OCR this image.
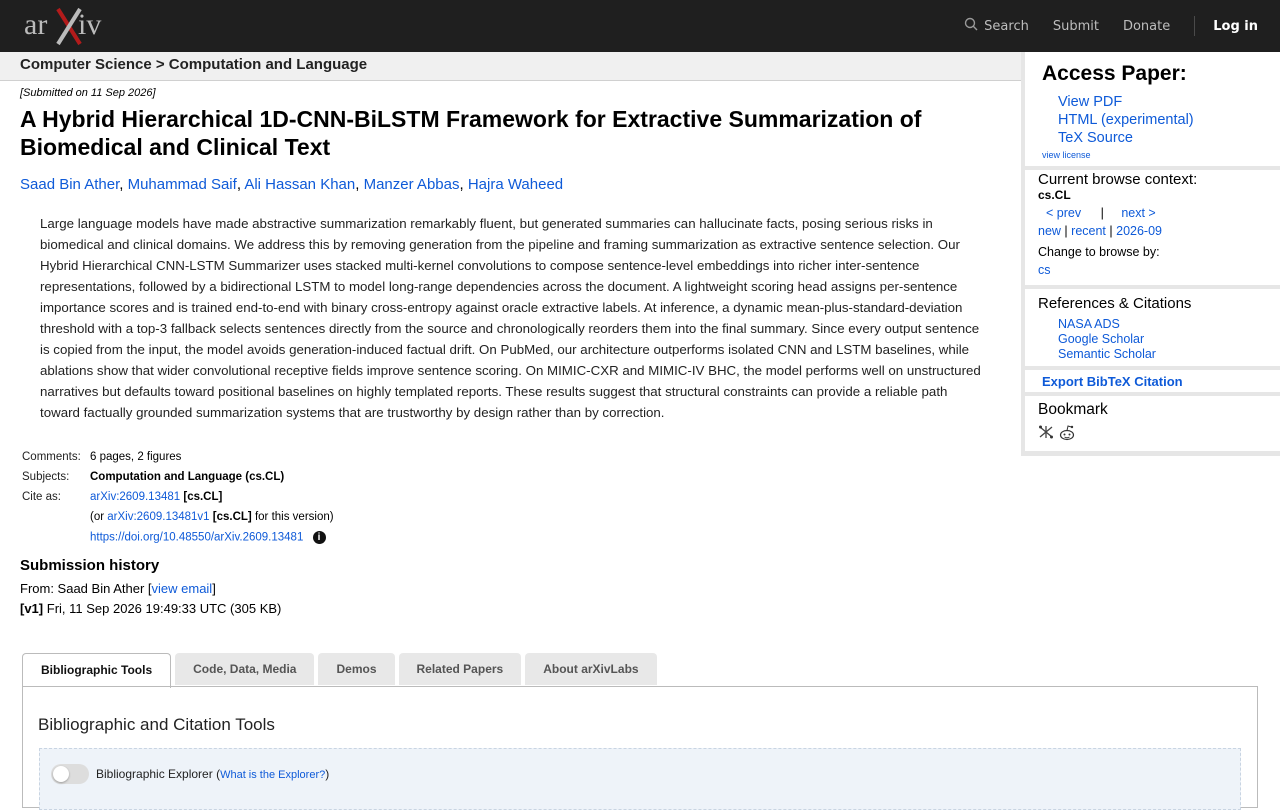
ar iv	Search Submit Donate	Log in
Computer Science > Computation and Language
[Submitted on 11 Sep 2026]
A Hybrid Hierarchical 1D-CNN-BiLSTM Framework for Extractive Summarization of Biomedical and Clinical Text
Saad Bin Ather, Muhammad Saif, Ali Hassan Khan, Manzer Abbas, Hajra Waheed
Large language models have made abstractive summarization remarkably fluent, but generated summaries can hallucinate facts, posing serious risks in biomedical and clinical domains. We address this by removing generation from the pipeline and framing summarization as extractive sentence selection. Our Hybrid Hierarchical CNN-LSTM Summarizer uses stacked multi-kernel convolutions to compose sentence-level embeddings into richer inter-sentence representations, followed by a bidirectional LSTM to model long-range dependencies across the document. A lightweight scoring head assigns per-sentence importance scores and is trained end-to-end with binary cross-entropy against oracle extractive labels. At inference, a dynamic mean-plus-standard-deviation threshold with a top-3 fallback selects sentences directly from the source and chronologically reorders them into the final summary. Since every output sentence is copied from the input, the model avoids generation-induced factual drift. On PubMed, our architecture outperforms isolated CNN and LSTM baselines, while ablations show that wider convolutional receptive fields improve sentence scoring. On MIMIC-CXR and MIMIC-IV BHC, the model performs well on unstructured narratives but defaults toward positional baselines on highly templated reports. These results suggest that structural constraints can provide a reliable path toward factually grounded summarization systems that are trustworthy by design rather than by correction.
Comments:	6 pages, 2 figures
Subjects:	Computation and Language (cs.CL)
Cite as:	arXiv:2609.13481 [cs.CL]
	(or arXiv:2609.13481v1 [cs.CL] for this version)
	https://doi.org/10.48550/arXiv.2609.13481 i
Submission history
From: Saad Bin Ather [view email]
[v1] Fri, 11 Sep 2026 19:49:33 UTC (305 KB)
Bibliographic Tools	Code, Data, Media	Demos	Related Papers	About arXivLabs
Bibliographic and Citation Tools
Bibliographic Explorer (What is the Explorer?)
Access Paper:
View PDF
HTML (experimental)
TeX Source
view license
Current browse context:
cs.CL
< prev | next >
new | recent | 2026-09
Change to browse by:
cs
References & Citations
NASA ADS
Google Scholar
Semantic Scholar
Export BibTeX Citation
Bookmark
